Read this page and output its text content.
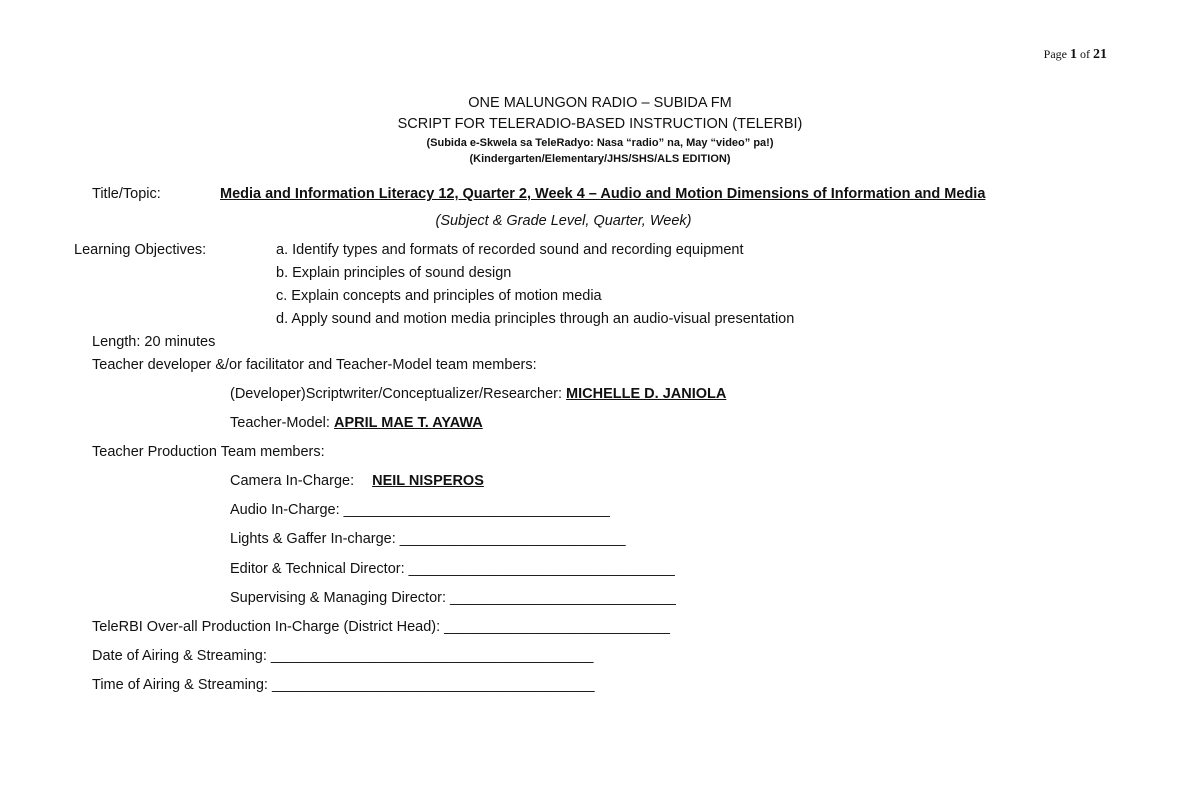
Page 1 of 21
ONE MALUNGON RADIO – SUBIDA FM
SCRIPT FOR TELERADIO-BASED INSTRUCTION (TELERBI)
(Subida e-Skwela sa TeleRadyo: Nasa “radio” na, May “video” pa!)
(Kindergarten/Elementary/JHS/SHS/ALS EDITION)
Title/Topic:	Media and Information Literacy 12, Quarter 2, Week 4 – Audio and Motion Dimensions of Information and Media
(Subject & Grade Level, Quarter, Week)
Learning Objectives:	a. Identify types and formats of recorded sound and recording equipment
b. Explain principles of sound design
c. Explain concepts and principles of motion media
d. Apply sound and motion media principles through an audio-visual presentation
Length: 20 minutes
Teacher developer &/or facilitator and Teacher-Model team members:
(Developer)Scriptwriter/Conceptualizer/Researcher: MICHELLE D. JANIOLA
Teacher-Model: APRIL MAE T. AYAWA
Teacher Production Team members:
Camera In-Charge: NEIL NISPEROS
Audio In-Charge: _________________________________
Lights & Gaffer In-charge: ____________________________
Editor & Technical Director: _________________________________
Supervising & Managing Director: ____________________________
TeleRBI Over-all Production In-Charge (District Head): ____________________________
Date of Airing & Streaming: ________________________________________
Time of Airing & Streaming: ________________________________________
